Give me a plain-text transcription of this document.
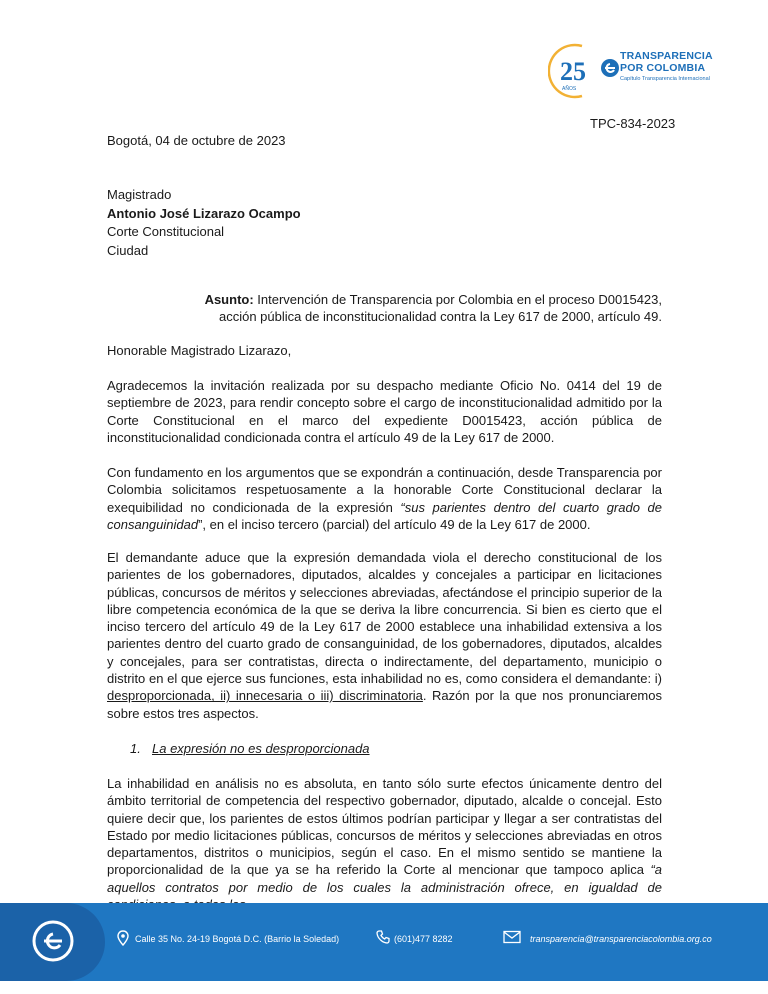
25
AÑOS
TRANSPARENCIA
POR COLOMBIA
Capítulo Transparencia Internacional
TPC-834-2023
Bogotá, 04 de octubre de 2023
Magistrado
Antonio José Lizarazo Ocampo
Corte Constitucional
Ciudad
Asunto: Intervención de Transparencia por Colombia en el proceso D0015423, acción pública de inconstitucionalidad contra la Ley 617 de 2000, artículo 49.
Honorable Magistrado Lizarazo,
Agradecemos la invitación realizada por su despacho mediante Oficio No. 0414 del 19 de septiembre de 2023, para rendir concepto sobre el cargo de inconstitucionalidad admitido por la Corte Constitucional en el marco del expediente D0015423, acción pública de inconstitucionalidad condicionada contra el artículo 49 de la Ley 617 de 2000.
Con fundamento en los argumentos que se expondrán a continuación, desde Transparencia por Colombia solicitamos respetuosamente a la honorable Corte Constitucional declarar la exequibilidad no condicionada de la expresión “sus parientes dentro del cuarto grado de consanguinidad”, en el inciso tercero (parcial) del artículo 49 de la Ley 617 de 2000.
El demandante aduce que la expresión demandada viola el derecho constitucional de los parientes de los gobernadores, diputados, alcaldes y concejales a participar en licitaciones públicas, concursos de méritos y selecciones abreviadas, afectándose el principio superior de la libre competencia económica de la que se deriva la libre concurrencia. Si bien es cierto que el inciso tercero del artículo 49 de la Ley 617 de 2000 establece una inhabilidad extensiva a los parientes dentro del cuarto grado de consanguinidad, de los gobernadores, diputados, alcaldes y concejales, para ser contratistas, directa o indirectamente, del departamento, municipio o distrito en el que ejerce sus funciones, esta inhabilidad no es, como considera el demandante: i) desproporcionada, ii) innecesaria o iii) discriminatoria. Razón por la que nos pronunciaremos sobre estos tres aspectos.
1. La expresión no es desproporcionada
La inhabilidad en análisis no es absoluta, en tanto sólo surte efectos únicamente dentro del ámbito territorial de competencia del respectivo gobernador, diputado, alcalde o concejal. Esto quiere decir que, los parientes de estos últimos podrían participar y llegar a ser contratistas del Estado por medio licitaciones públicas, concursos de méritos y selecciones abreviadas en otros departamentos, distritos o municipios, según el caso. En el mismo sentido se mantiene la proporcionalidad de la que ya se ha referido la Corte al mencionar que tampoco aplica “a aquellos contratos por medio de los cuales la administración ofrece, en igualdad de
Calle 35 No. 24-19 Bogotá D.C. (Barrio la Soledad)	(601)477 8282	transparencia@transparenciacolombia.org.co
